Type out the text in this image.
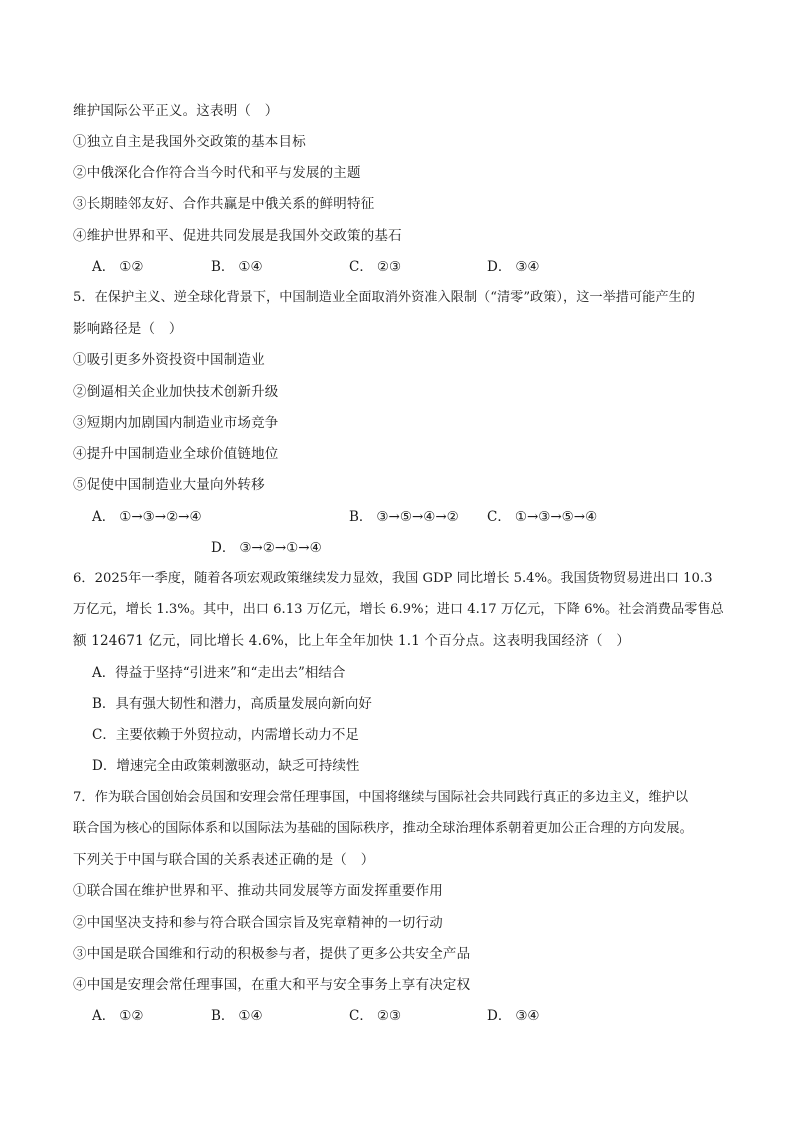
维护国际公平正义。这表明（　）
①独立自主是我国外交政策的基本目标
②中俄深化合作符合当今时代和平与发展的主题
③长期睦邻友好、合作共赢是中俄关系的鲜明特征
④维护世界和平、促进共同发展是我国外交政策的基石
A． ①②	B． ①④	C． ②③	D． ③④
5．在保护主义、逆全球化背景下，中国制造业全面取消外资准入限制（“清零”政策），这一举措可能产生的
影响路径是（　）
①吸引更多外资投资中国制造业
②倒逼相关企业加快技术创新升级
③短期内加剧国内制造业市场竞争
④提升中国制造业全球价值链地位
⑤促使中国制造业大量向外转移
A． ①→③→②→④	B． ③→⑤→④→② C． ①→③→⑤→④
D． ③→②→①→④
6．2025年一季度，随着各项宏观政策继续发力显效，我国 GDP 同比增长 5.4%。我国货物贸易进出口 10.3
万亿元，增长 1.3%。其中，出口 6.13 万亿元，增长 6.9%；进口 4.17 万亿元，下降 6%。社会消费品零售总
额 124671 亿元，同比增长 4.6%，比上年全年加快 1.1 个百分点。这表明我国经济（　）
A．得益于坚持“引进来”和“走出去”相结合
B．具有强大韧性和潜力，高质量发展向新向好
C．主要依赖于外贸拉动，内需增长动力不足
D．增速完全由政策刺激驱动，缺乏可持续性
7．作为联合国创始会员国和安理会常任理事国，中国将继续与国际社会共同践行真正的多边主义，维护以
联合国为核心的国际体系和以国际法为基础的国际秩序，推动全球治理体系朝着更加公正合理的方向发展。
下列关于中国与联合国的关系表述正确的是（　）
①联合国在维护世界和平、推动共同发展等方面发挥重要作用
②中国坚决支持和参与符合联合国宗旨及宪章精神的一切行动
③中国是联合国维和行动的积极参与者，提供了更多公共安全产品
④中国是安理会常任理事国，在重大和平与安全事务上享有决定权
A． ①②	B． ①④	C． ②③	D． ③④
